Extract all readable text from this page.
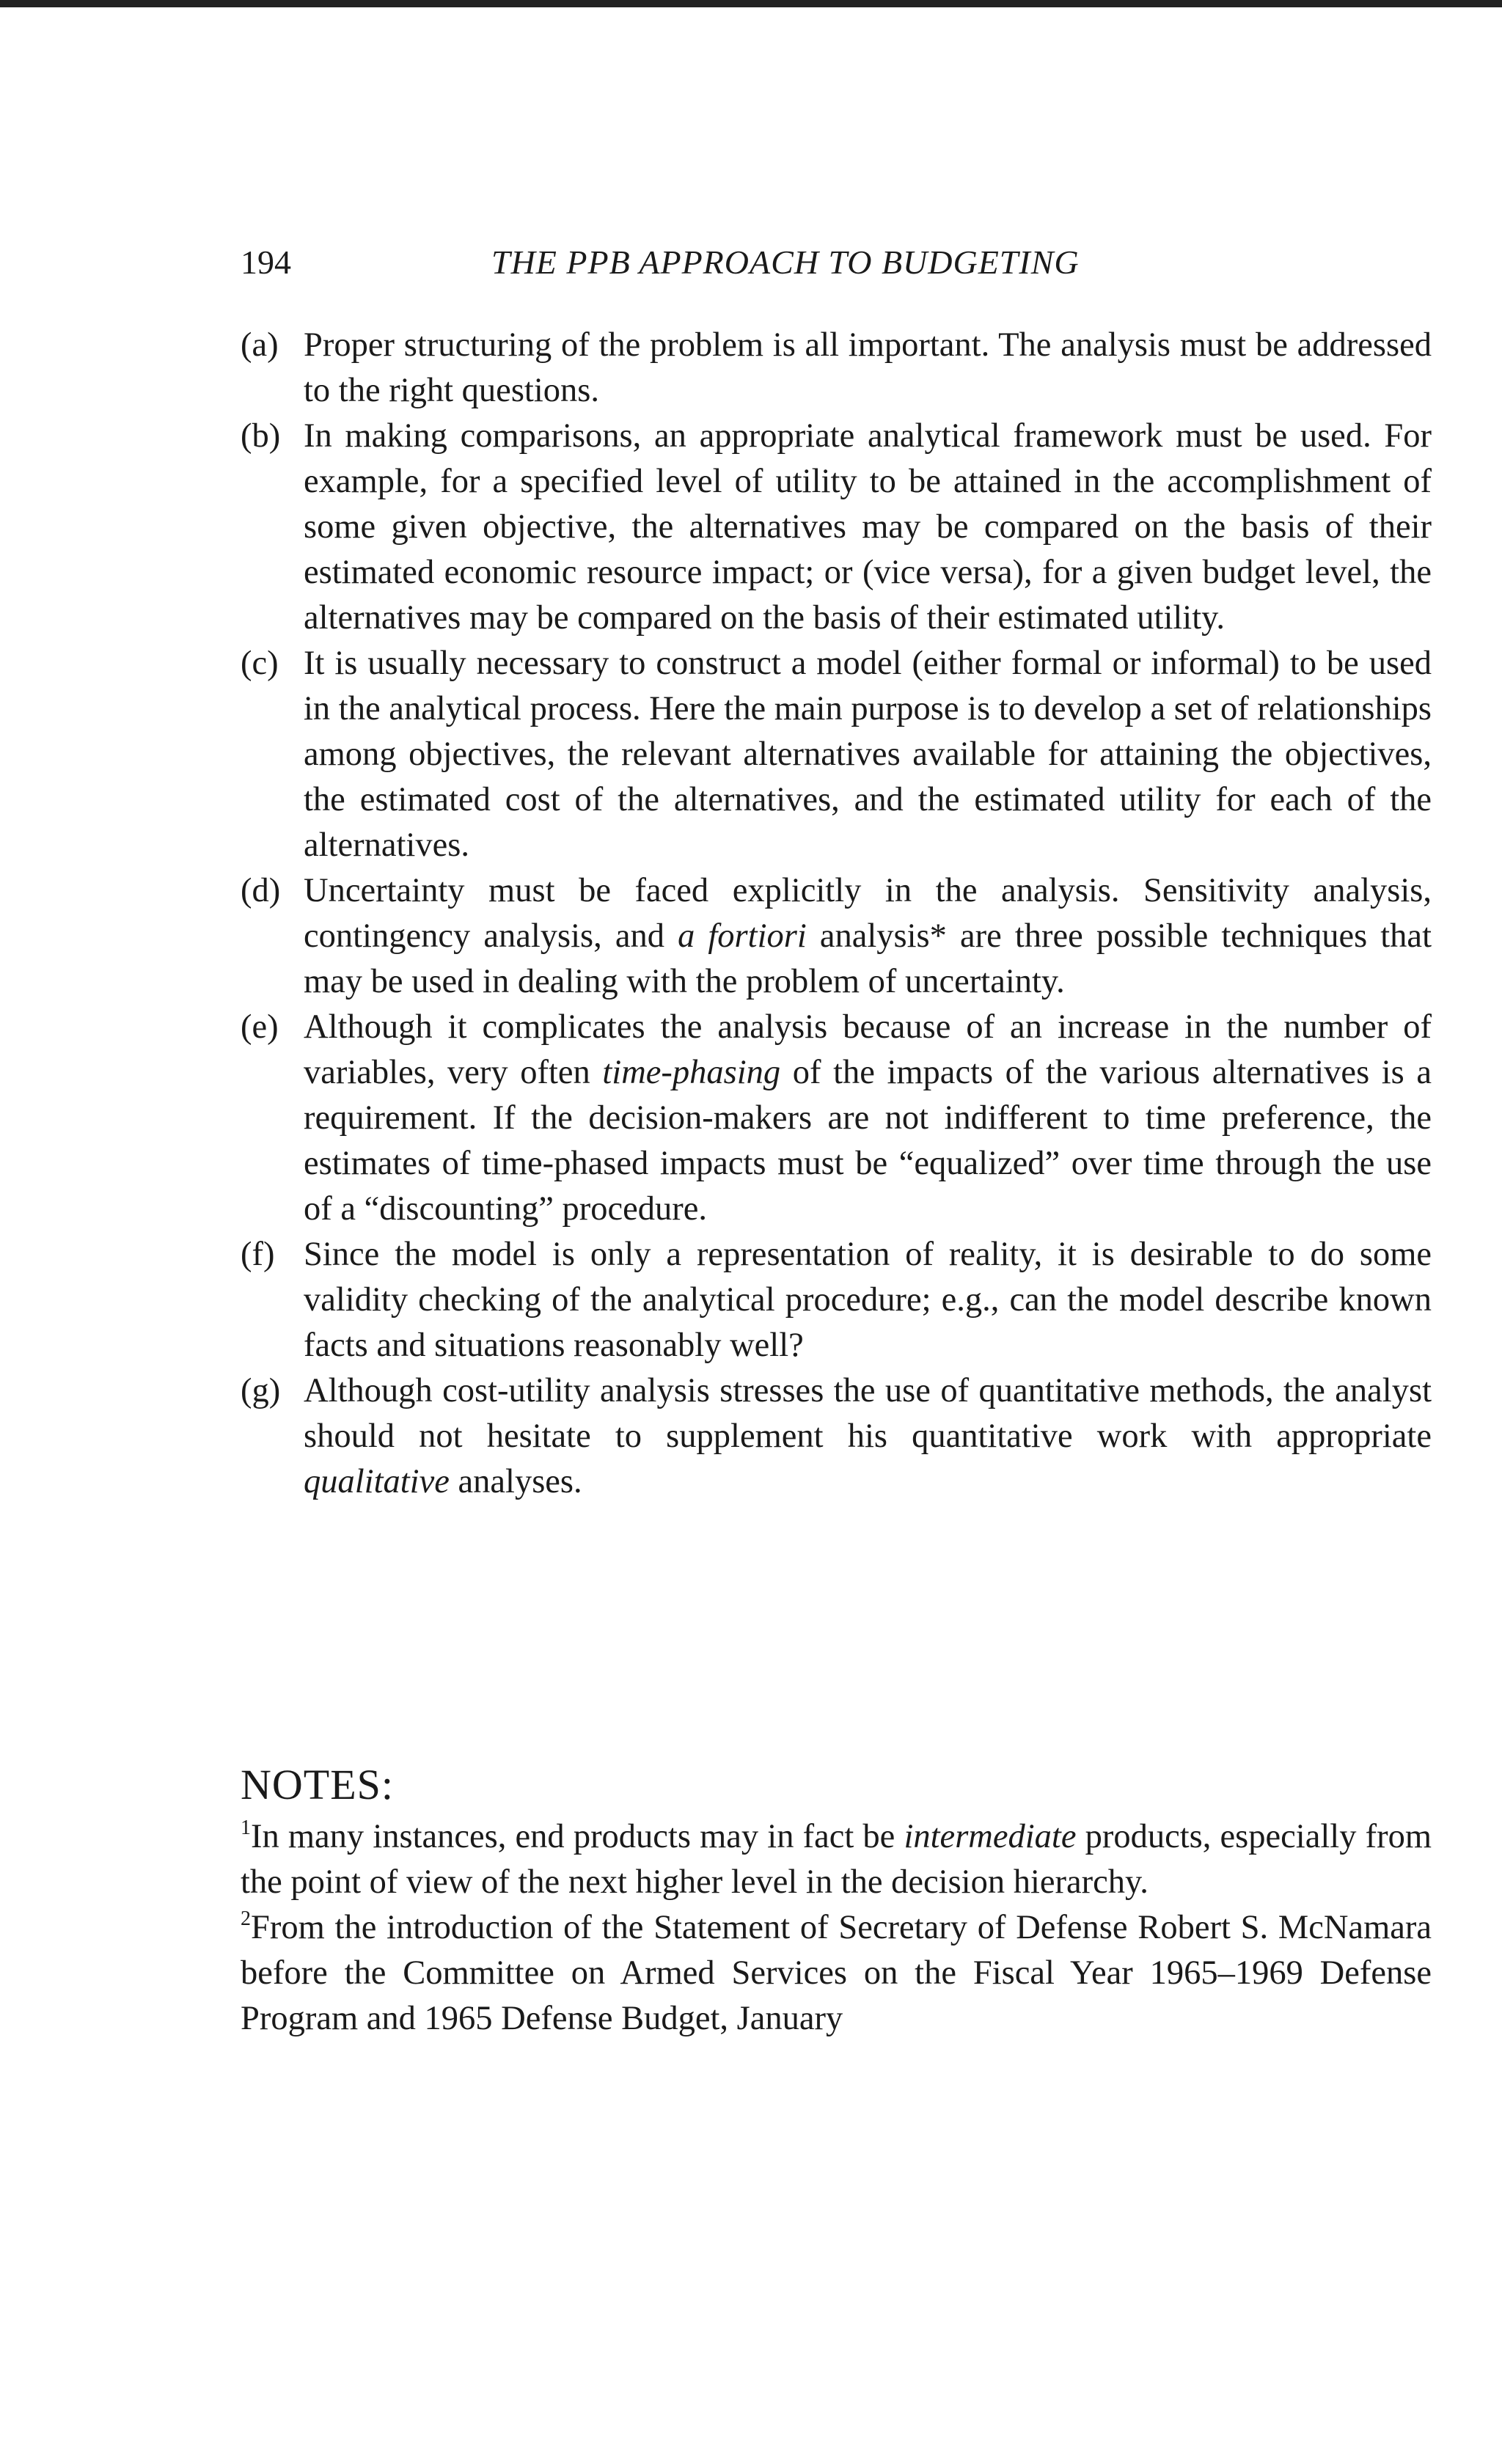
194	THE PPB APPROACH TO BUDGETING
(a) Proper structuring of the problem is all important. The analysis must be addressed to the right questions.
(b) In making comparisons, an appropriate analytical framework must be used. For example, for a specified level of utility to be attained in the accomplishment of some given objective, the alternatives may be compared on the basis of their estimated economic resource impact; or (vice versa), for a given budget level, the alternatives may be compared on the basis of their estimated utility.
(c) It is usually necessary to construct a model (either formal or informal) to be used in the analytical process. Here the main purpose is to develop a set of relationships among objectives, the relevant alternatives available for attaining the objectives, the estimated cost of the alternatives, and the estimated utility for each of the alternatives.
(d) Uncertainty must be faced explicitly in the analysis. Sensitivity analysis, contingency analysis, and a fortiori analysis* are three possible techniques that may be used in dealing with the problem of uncertainty.
(e) Although it complicates the analysis because of an increase in the number of variables, very often time-phasing of the impacts of the various alternatives is a requirement. If the decision-makers are not indifferent to time preference, the estimates of time-phased impacts must be “equalized” over time through the use of a “discounting” procedure.
(f) Since the model is only a representation of reality, it is desirable to do some validity checking of the analytical procedure; e.g., can the model describe known facts and situations reasonably well?
(g) Although cost-utility analysis stresses the use of quantitative methods, the analyst should not hesitate to supplement his quantitative work with appropriate qualitative analyses.
NOTES:
$^1$In many instances, end products may in fact be intermediate products, especially from the point of view of the next higher level in the decision hierarchy.
$^2$From the introduction of the Statement of Secretary of Defense Robert S. McNamara before the Committee on Armed Services on the Fiscal Year 1965–1969 Defense Program and 1965 Defense Budget, January
